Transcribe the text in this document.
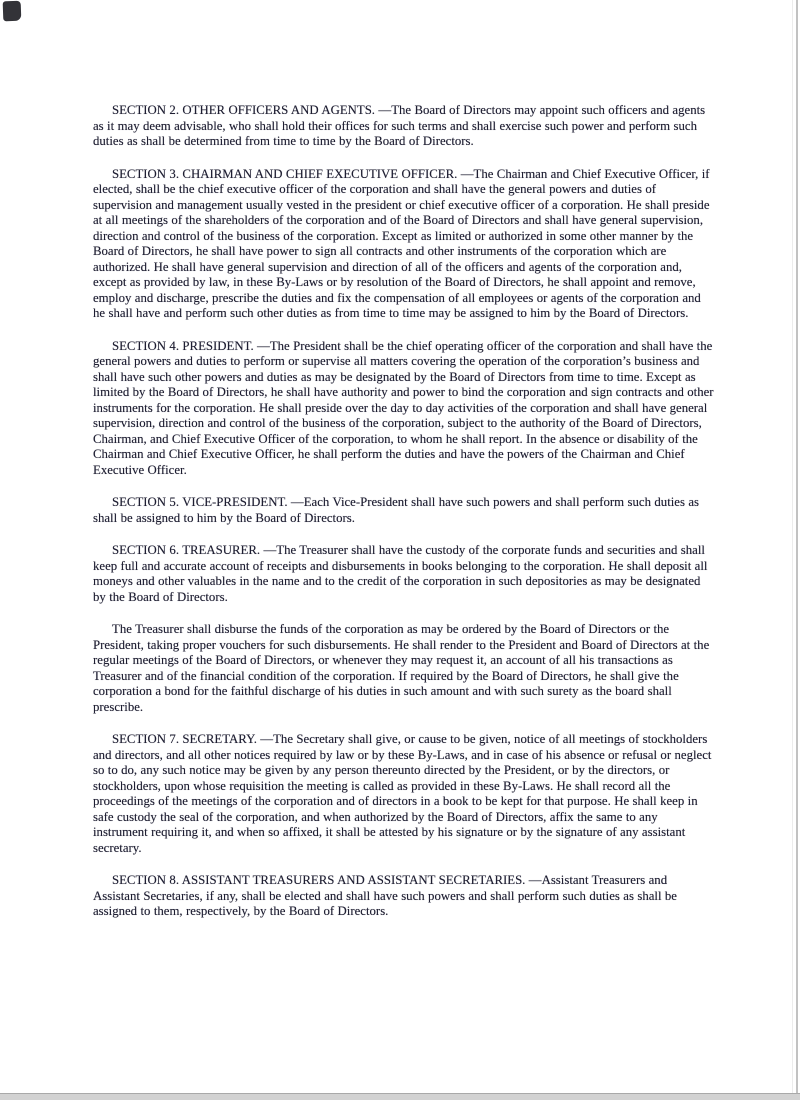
SECTION 2. OTHER OFFICERS AND AGENTS. —The Board of Directors may appoint such officers and agents as it may deem advisable, who shall hold their offices for such terms and shall exercise such power and perform such duties as shall be determined from time to time by the Board of Directors.

SECTION 3. CHAIRMAN AND CHIEF EXECUTIVE OFFICER. —The Chairman and Chief Executive Officer, if elected, shall be the chief executive officer of the corporation and shall have the general powers and duties of supervision and management usually vested in the president or chief executive officer of a corporation. He shall preside at all meetings of the shareholders of the corporation and of the Board of Directors and shall have general supervision, direction and control of the business of the corporation. Except as limited or authorized in some other manner by the Board of Directors, he shall have power to sign all contracts and other instruments of the corporation which are authorized. He shall have general supervision and direction of all of the officers and agents of the corporation and, except as provided by law, in these By-Laws or by resolution of the Board of Directors, he shall appoint and remove, employ and discharge, prescribe the duties and fix the compensation of all employees or agents of the corporation and he shall have and perform such other duties as from time to time may be assigned to him by the Board of Directors.

SECTION 4. PRESIDENT. —The President shall be the chief operating officer of the corporation and shall have the general powers and duties to perform or supervise all matters covering the operation of the corporation’s business and shall have such other powers and duties as may be designated by the Board of Directors from time to time. Except as limited by the Board of Directors, he shall have authority and power to bind the corporation and sign contracts and other instruments for the corporation. He shall preside over the day to day activities of the corporation and shall have general supervision, direction and control of the business of the corporation, subject to the authority of the Board of Directors, Chairman, and Chief Executive Officer of the corporation, to whom he shall report. In the absence or disability of the Chairman and Chief Executive Officer, he shall perform the duties and have the powers of the Chairman and Chief Executive Officer.

SECTION 5. VICE-PRESIDENT. —Each Vice-President shall have such powers and shall perform such duties as shall be assigned to him by the Board of Directors.

SECTION 6. TREASURER. —The Treasurer shall have the custody of the corporate funds and securities and shall keep full and accurate account of receipts and disbursements in books belonging to the corporation. He shall deposit all moneys and other valuables in the name and to the credit of the corporation in such depositories as may be designated by the Board of Directors.

The Treasurer shall disburse the funds of the corporation as may be ordered by the Board of Directors or the President, taking proper vouchers for such disbursements. He shall render to the President and Board of Directors at the regular meetings of the Board of Directors, or whenever they may request it, an account of all his transactions as Treasurer and of the financial condition of the corporation. If required by the Board of Directors, he shall give the corporation a bond for the faithful discharge of his duties in such amount and with such surety as the board shall prescribe.

SECTION 7. SECRETARY. —The Secretary shall give, or cause to be given, notice of all meetings of stockholders and directors, and all other notices required by law or by these By-Laws, and in case of his absence or refusal or neglect so to do, any such notice may be given by any person thereunto directed by the President, or by the directors, or stockholders, upon whose requisition the meeting is called as provided in these By-Laws. He shall record all the proceedings of the meetings of the corporation and of directors in a book to be kept for that purpose. He shall keep in safe custody the seal of the corporation, and when authorized by the Board of Directors, affix the same to any instrument requiring it, and when so affixed, it shall be attested by his signature or by the signature of any assistant secretary.

SECTION 8. ASSISTANT TREASURERS AND ASSISTANT SECRETARIES. —Assistant Treasurers and Assistant Secretaries, if any, shall be elected and shall have such powers and shall perform such duties as shall be assigned to them, respectively, by the Board of Directors.
